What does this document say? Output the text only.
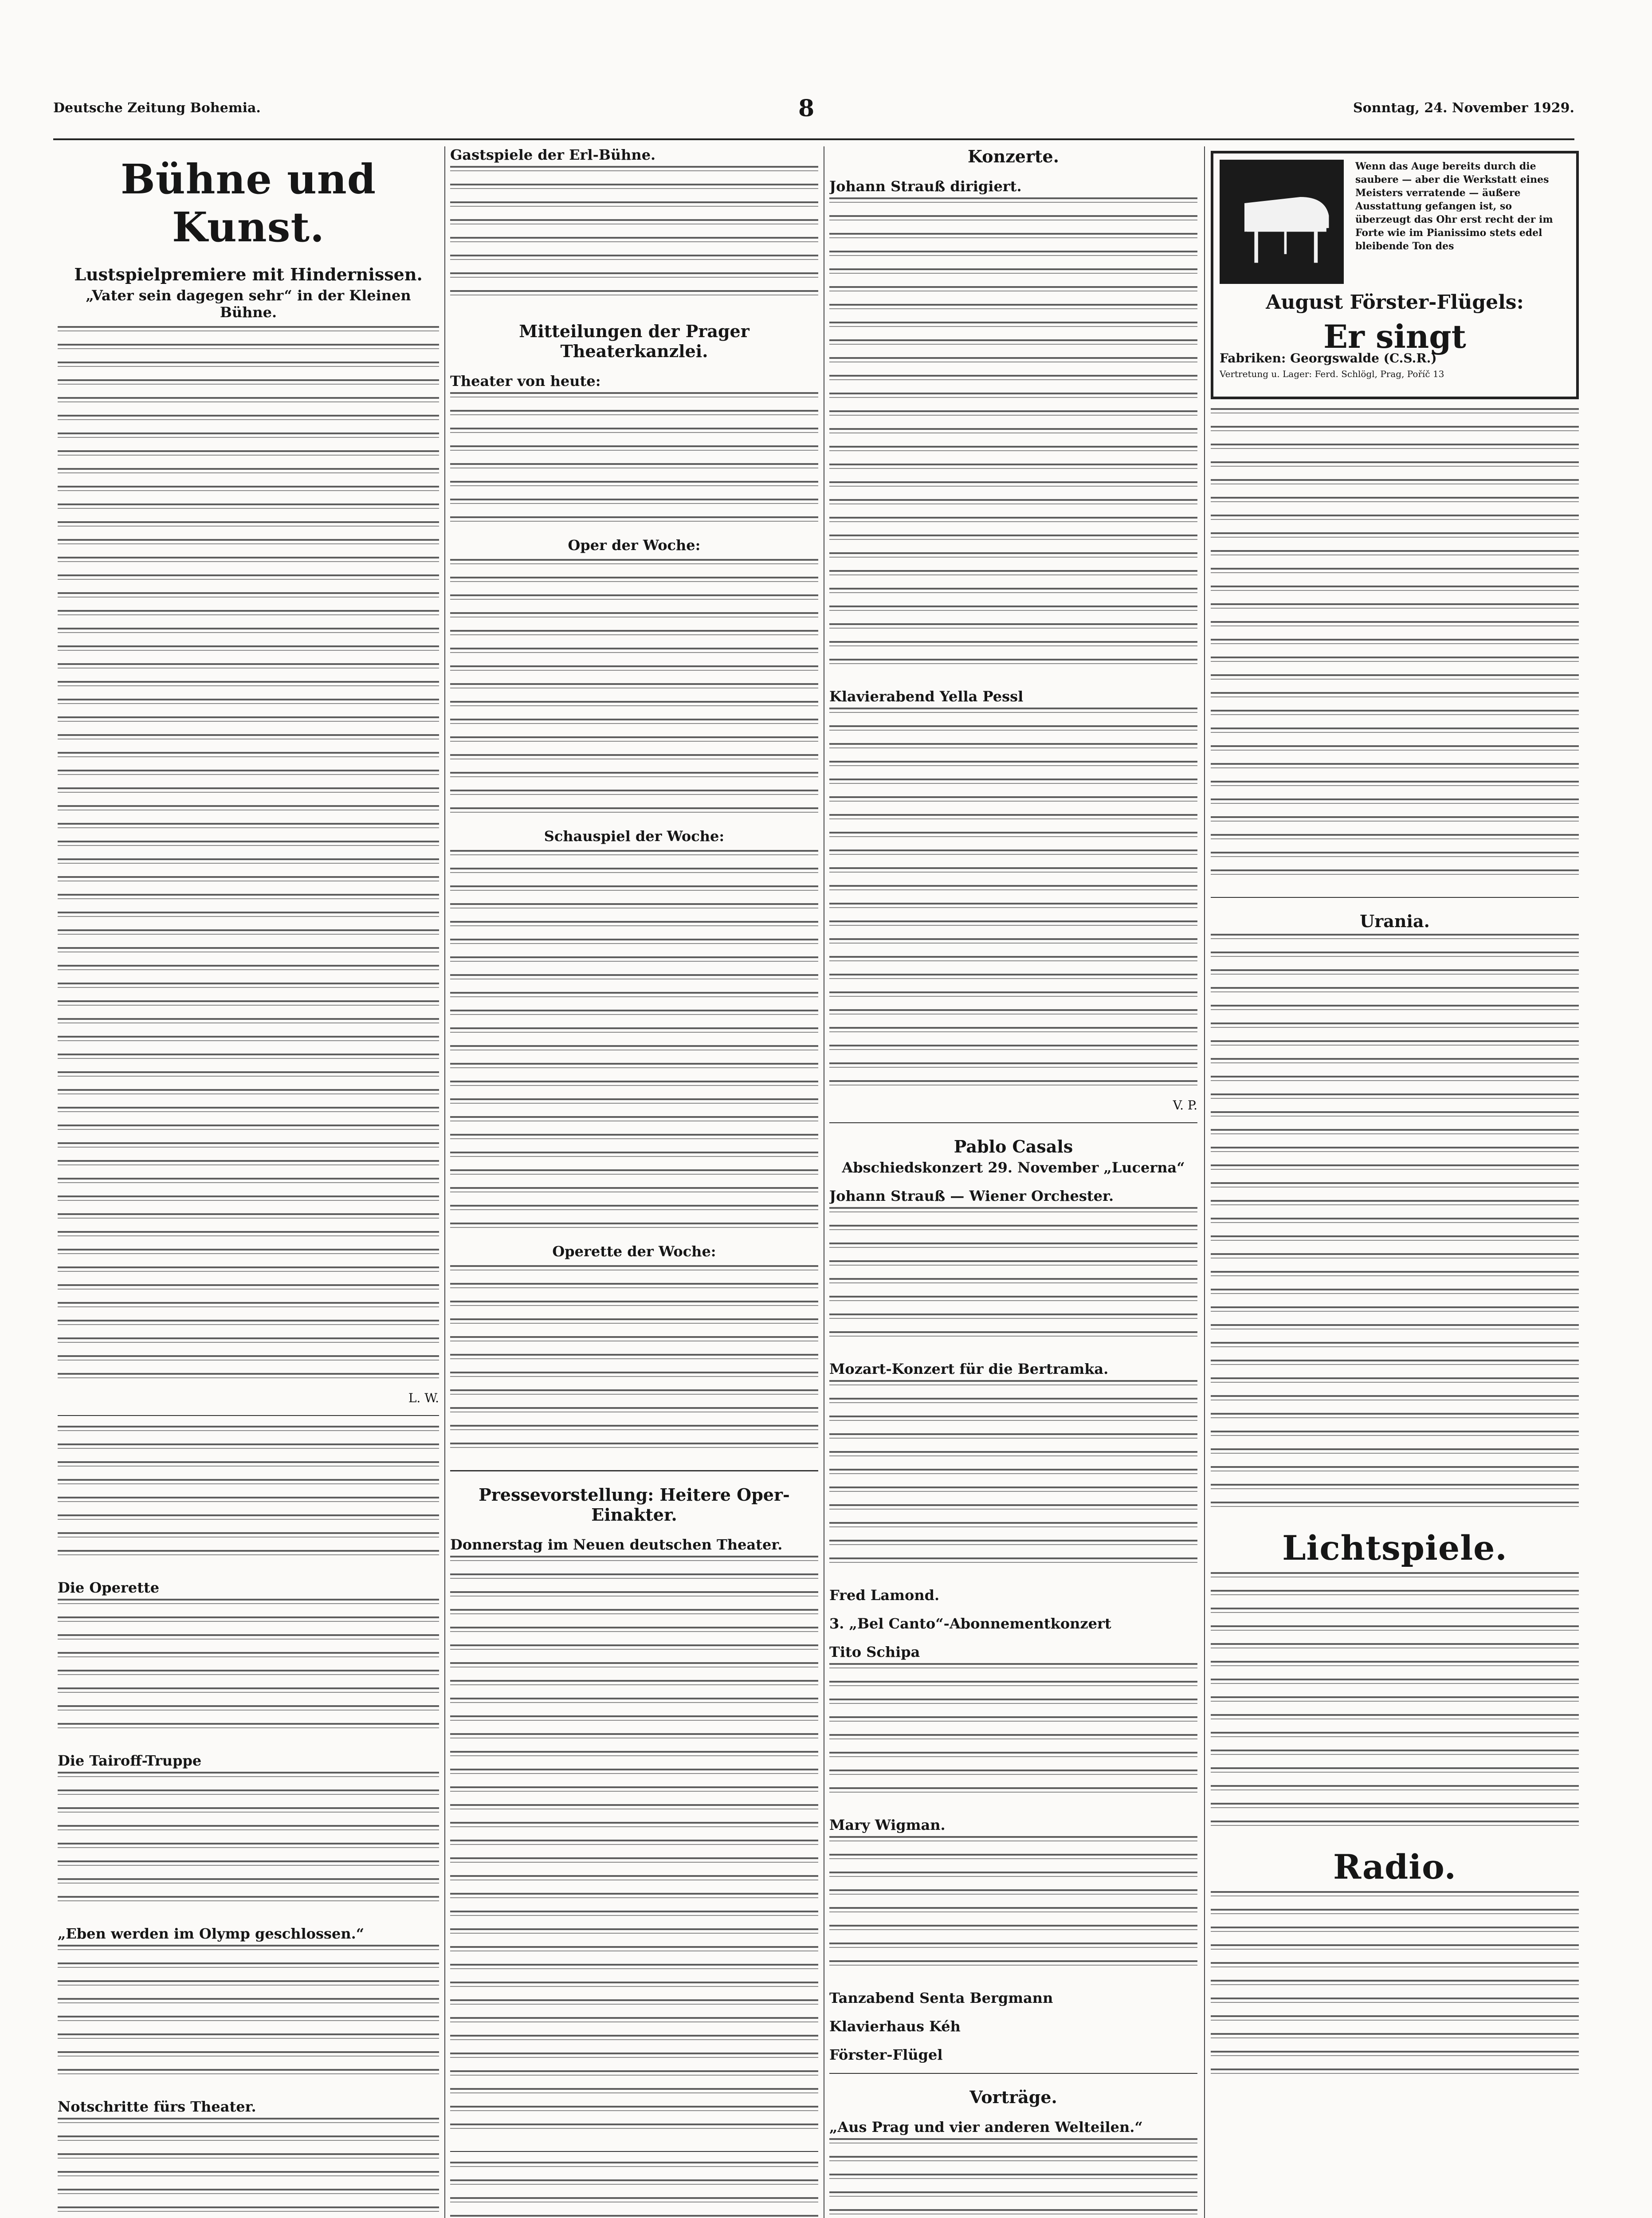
Deutsche Zeitung Bohemia.	8	Sonntag, 24. November 1929.
Bühne und Kunst.
Lustspielpremiere mit Hindernissen.
„Vater sein dagegen sehr“ in der Kleinen Bühne.

L. W.

Die Operette

Die Tairoff-Truppe

„Eben werden im Olymp geschlossen.“

Notschritte fürs Theater.

Gastspiele der Erl-Bühne.

Mitteilungen der Prager Theaterkanzlei.
Theater von heute:

Oper der Woche:

Schauspiel der Woche:

Operette der Woche:

Pressevorstellung: Heitere Oper-Einakter.
Donnerstag im Neuen deutschen Theater.

Konzerte.
Johann Strauß dirigiert.

Klavierabend Yella Pessl

V. P.
Pablo Casals
Abschiedskonzert 29. November „Lucerna“
Johann Strauß — Wiener Orchester.

Mozart-Konzert für die Bertramka.

Fred Lamond.
3. „Bel Canto“-Abonnementkonzert
Tito Schipa

Mary Wigman.

Tanzabend Senta Bergmann
Klavierhaus Kéh
Förster-Flügel
Vorträge.
„Aus Prag und vier anderen Welteilen.“

Wenn das Auge bereits durch die saubere — aber die Werkstatt eines Meisters verratende — äußere Ausstattung gefangen ist, so überzeugt das Ohr erst recht der im Forte wie im Pianissimo stets edel bleibende Ton des
August Förster-Flügels:
Er singt
Fabriken: Georgswalde (C.S.R.)
Vertretung u. Lager: Ferd. Schlögl, Prag, Poříč 13

Urania.

Lichtspiele.

Radio.
